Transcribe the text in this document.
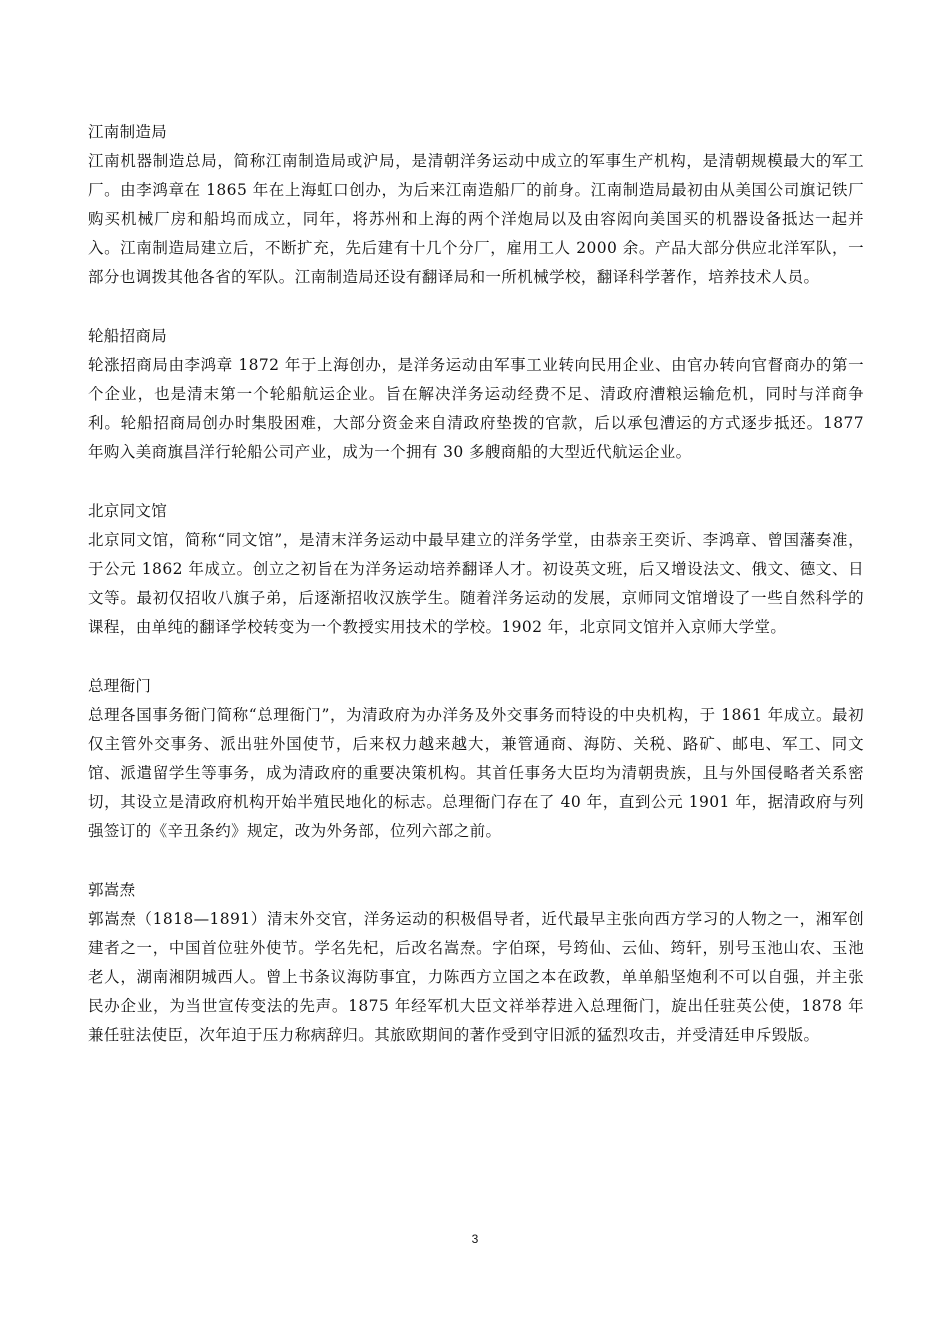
江南制造局

江南机器制造总局，简称江南制造局或沪局，是清朝洋务运动中成立的军事生产机构，是清朝规模最大的军工厂。由李鸿章在 1865 年在上海虹口创办，为后来江南造船厂的前身。江南制造局最初由从美国公司旗记铁厂购买机械厂房和船坞而成立，同年，将苏州和上海的两个洋炮局以及由容闳向美国买的机器设备抵达一起并入。江南制造局建立后，不断扩充，先后建有十几个分厂，雇用工人 2000 余。产品大部分供应北洋军队，一部分也调拨其他各省的军队。江南制造局还设有翻译局和一所机械学校，翻译科学著作，培养技术人员。

轮船招商局

轮涨招商局由李鸿章 1872 年于上海创办，是洋务运动由军事工业转向民用企业、由官办转向官督商办的第一个企业，也是清末第一个轮船航运企业。旨在解决洋务运动经费不足、清政府漕粮运输危机，同时与洋商争利。轮船招商局创办时集股困难，大部分资金来自清政府垫拨的官款，后以承包漕运的方式逐步抵还。1877 年购入美商旗昌洋行轮船公司产业，成为一个拥有 30 多艘商船的大型近代航运企业。

北京同文馆

北京同文馆，简称“同文馆”，是清末洋务运动中最早建立的洋务学堂，由恭亲王奕䜣、李鸿章、曾国藩奏准，于公元 1862 年成立。创立之初旨在为洋务运动培养翻译人才。初设英文班，后又增设法文、俄文、德文、日文等。最初仅招收八旗子弟，后逐渐招收汉族学生。随着洋务运动的发展，京师同文馆增设了一些自然科学的课程，由单纯的翻译学校转变为一个教授实用技术的学校。1902 年，北京同文馆并入京师大学堂。

总理衙门

总理各国事务衙门简称“总理衙门”，为清政府为办洋务及外交事务而特设的中央机构，于 1861 年成立。最初仅主管外交事务、派出驻外国使节，后来权力越来越大，兼管通商、海防、关税、路矿、邮电、军工、同文馆、派遣留学生等事务，成为清政府的重要决策机构。其首任事务大臣均为清朝贵族，且与外国侵略者关系密切，其设立是清政府机构开始半殖民地化的标志。总理衙门存在了 40 年，直到公元 1901 年，据清政府与列强签订的《辛丑条约》规定，改为外务部，位列六部之前。

郭嵩焘

郭嵩焘（1818—1891）清末外交官，洋务运动的积极倡导者，近代最早主张向西方学习的人物之一，湘军创建者之一，中国首位驻外使节。学名先杞，后改名嵩焘。字伯琛，号筠仙、云仙、筠轩，别号玉池山农、玉池老人，湖南湘阴城西人。曾上书条议海防事宜，力陈西方立国之本在政教，单单船坚炮利不可以自强，并主张民办企业，为当世宣传变法的先声。1875 年经军机大臣文祥举荐进入总理衙门，旋出任驻英公使，1878 年兼任驻法使臣，次年迫于压力称病辞归。其旅欧期间的著作受到守旧派的猛烈攻击，并受清廷申斥毁版。

3
